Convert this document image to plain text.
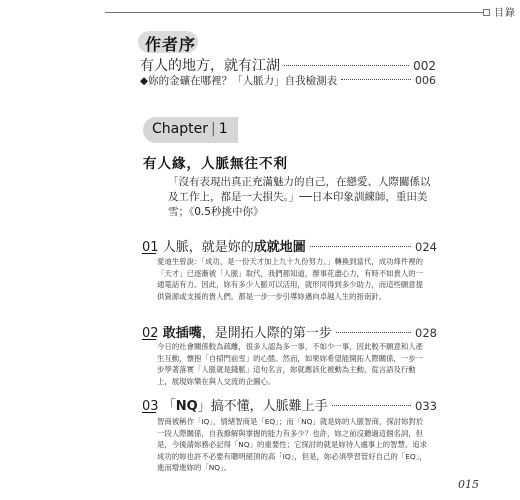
目錄
作者序
有人的地方，就有江湖	002
◆妳的金礦在哪裡？「人脈力」自我檢測表	006
Chapter | 1
有人緣，人脈無往不利
「沒有表現出真正充滿魅力的自己，在戀愛、人際關係以及工作上，都是一大損失。」──日本印象訓練師，重田美雪；《0.5秒挑中你》
01 人脈，就是妳的成就地圖	024
愛迪生曾說：「成功，是一份天才加上九十九份努力。」轉換到當代，成功烽件裡的「天才」已逐漸被「人脈」取代，我們都知道，辦事花盡心力，有時不如貴人的一通電話有力。因此，妳有多少人脈可以活用，就形同得到多少助力，而這些願意提供資源或支援的貴人們，都是一步一步引導妳邁向卓越人生的指南針。
02 敢插嘴，是開拓人際的第一步	028
今日的社會關係較為疏離，很多人認為多一事，不如少一事，因此較不願意和人產生互動，懷抱「自掃門前雪」的心態。然而，如果妳希望能開拓人際關係，一步一步學著落實「人脈就是錢脈」這句名言，妳就應該化被動為主動，從言語及行動上，展現妳樂在與人交流的企圖心。
03 「NQ」搞不懂，人脈難上手	033
智商被稱作「IQ」，情緒智商是「EQ」；而「NQ」就是妳的人脈智商，探討妳對於一段人際關係，自我撩解與掌握的能力有多少？也許，妳之前沒聽過這個名詞，但是，今後請妳務必記得「NQ」的重要性；它探討的就是妳待人處事上的智慧。追求成功的妳也許不必要有聰明絕頂的高「IQ」，但是，妳必須學習管好自己的「EQ」，進而增進妳的「NQ」。
015
